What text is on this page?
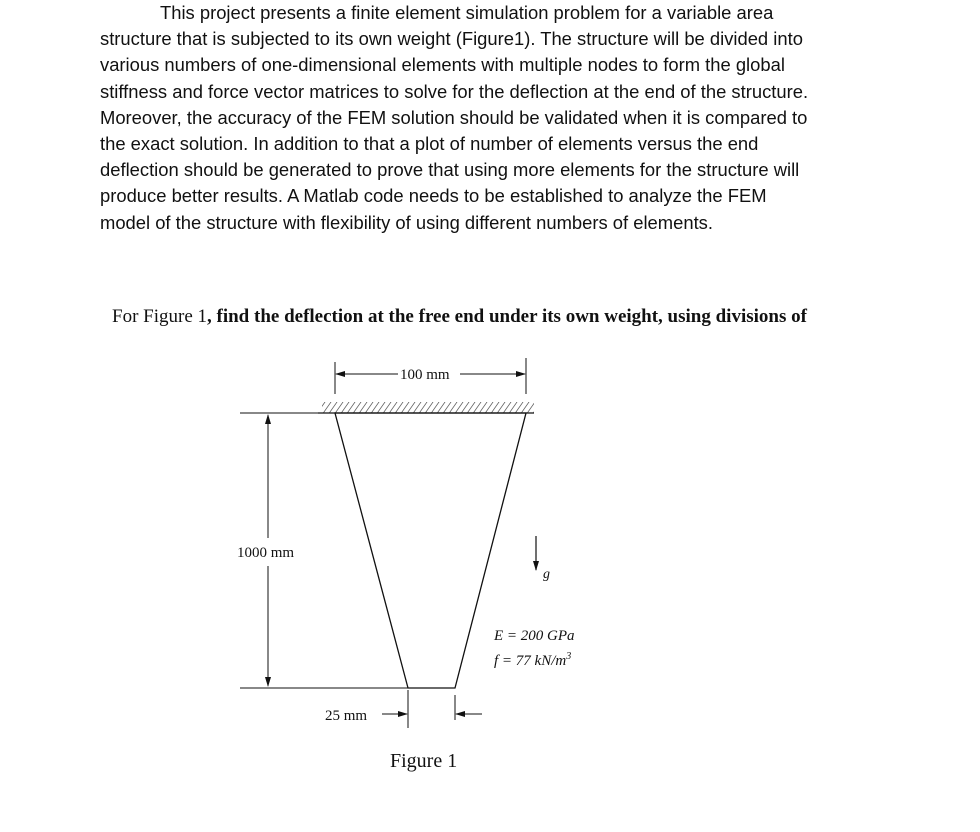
This project presents a finite element simulation problem for a variable area
structure that is subjected to its own weight (Figure1). The structure will be divided into
various numbers of one-dimensional elements with multiple nodes to form the global
stiffness and force vector matrices to solve for the deflection at the end of the structure.
Moreover, the accuracy of the FEM solution should be validated when it is compared to
the exact solution. In addition to that a plot of number of elements versus the end
deflection should be generated to prove that using more elements for the structure will
produce better results. A Matlab code needs to be established to analyze the FEM
model of the structure with flexibility of using different numbers of elements.
For Figure 1, find the deflection at the free end under its own weight, using divisions of
100 mm
1000 mm
25 mm
g
E = 200 GPa
f = 77 $kN/m^3$
Figure 1
